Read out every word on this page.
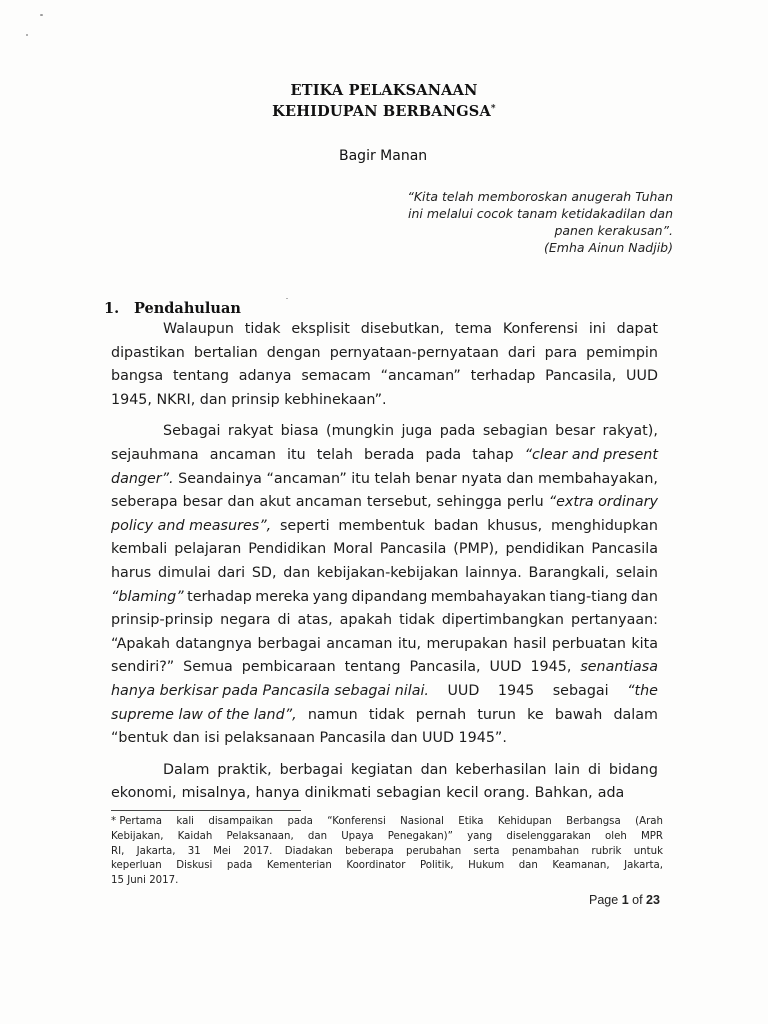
ETIKA PELAKSANAAN
KEHIDUPAN BERBANGSA*
Bagir Manan
“Kita telah memboroskan anugerah Tuhan
ini melalui cocok tanam ketidakadilan dan
panen kerakusan”.
(Emha Ainun Nadjib)
1. Pendahuluan
Walaupun tidak eksplisit disebutkan, tema Konferensi ini dapat
dipastikan bertalian dengan pernyataan-pernyataan dari para pemimpin
bangsa tentang adanya semacam “ancaman” terhadap Pancasila, UUD
1945, NKRI, dan prinsip kebhinekaan”.
Sebagai rakyat biasa (mungkin juga pada sebagian besar rakyat),
sejauhmana ancaman itu telah berada pada tahap “clear and present
danger”. Seandainya “ancaman” itu telah benar nyata dan membahayakan,
seberapa besar dan akut ancaman tersebut, sehingga perlu “extra ordinary
policy and measures”, seperti membentuk badan khusus, menghidupkan
kembali pelajaran Pendidikan Moral Pancasila (PMP), pendidikan Pancasila
harus dimulai dari SD, dan kebijakan-kebijakan lainnya. Barangkali, selain
“blaming” terhadap mereka yang dipandang membahayakan tiang-tiang dan
prinsip-prinsip negara di atas, apakah tidak dipertimbangkan pertanyaan:
“Apakah datangnya berbagai ancaman itu, merupakan hasil perbuatan kita
sendiri?” Semua pembicaraan tentang Pancasila, UUD 1945, senantiasa
hanya berkisar pada Pancasila sebagai nilai. UUD 1945 sebagai “the
supreme law of the land”, namun tidak pernah turun ke bawah dalam
“bentuk dan isi pelaksanaan Pancasila dan UUD 1945”.
Dalam praktik, berbagai kegiatan dan keberhasilan lain di bidang
ekonomi, misalnya, hanya dinikmati sebagian kecil orang. Bahkan, ada
* Pertama kali disampaikan pada “Konferensi Nasional Etika Kehidupan Berbangsa (Arah
Kebijakan, Kaidah Pelaksanaan, dan Upaya Penegakan)” yang diselenggarakan oleh MPR
RI, Jakarta, 31 Mei 2017. Diadakan beberapa perubahan serta penambahan rubrik untuk
keperluan Diskusi pada Kementerian Koordinator Politik, Hukum dan Keamanan, Jakarta,
15 Juni 2017.
Page 1 of 23
